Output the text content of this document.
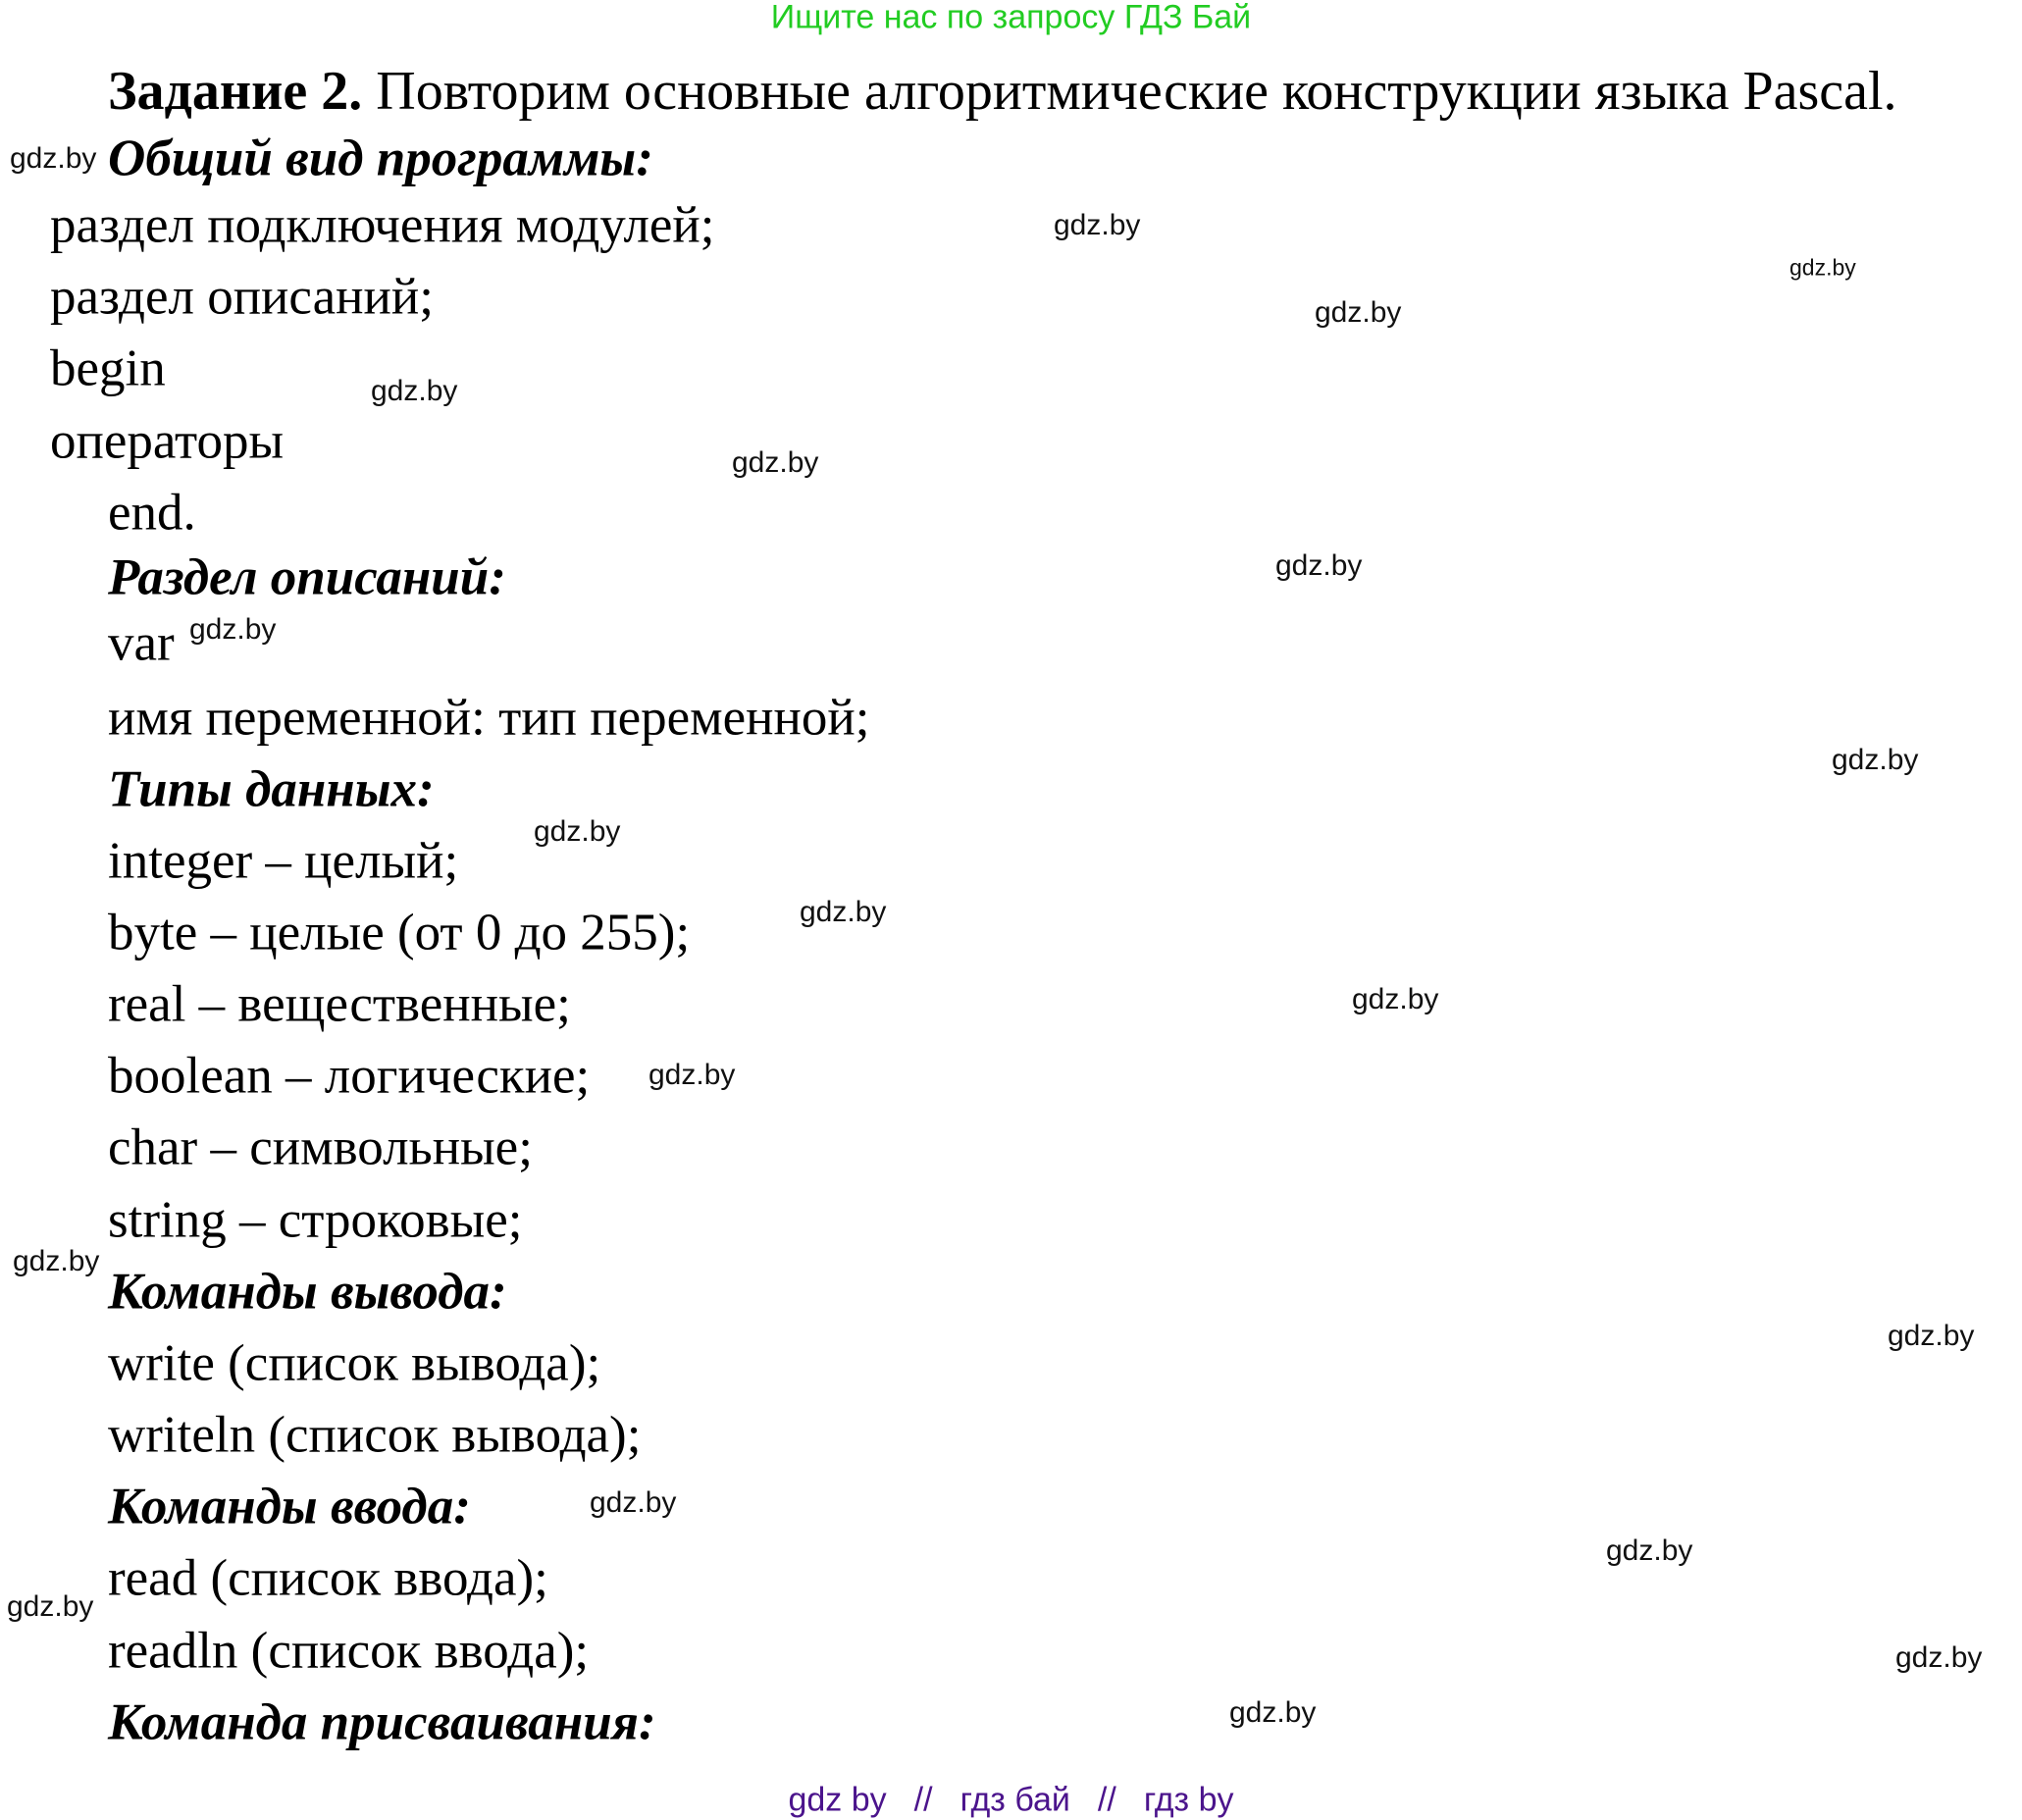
Ищите нас по запросу ГДЗ Бай
Задание 2. Повторим основные алгоритмические конструкции языка Pascal.
Общий вид программы:
раздел подключения модулей;
раздел описаний;
begin
операторы
end.
Раздел описаний:
var
имя переменной: тип переменной;
Типы данных:
integer – целый;
byte – целые (от 0 до 255);
real – вещественные;
boolean – логические;
char – символьные;
string – строковые;
Команды вывода:
write (список вывода);
writeln (список вывода);
Команды ввода:
read (список ввода);
readln (список ввода);
Команда присваивания:
gdz.by
gdz.by
gdz.by
gdz.by
gdz.by
gdz.by
gdz.by
gdz.by
gdz.by
gdz.by
gdz.by
gdz.by
gdz.by
gdz.by
gdz.by
gdz.by
gdz.by
gdz.by
gdz.by
gdz.by
gdz by // гдз бай // гдз by
